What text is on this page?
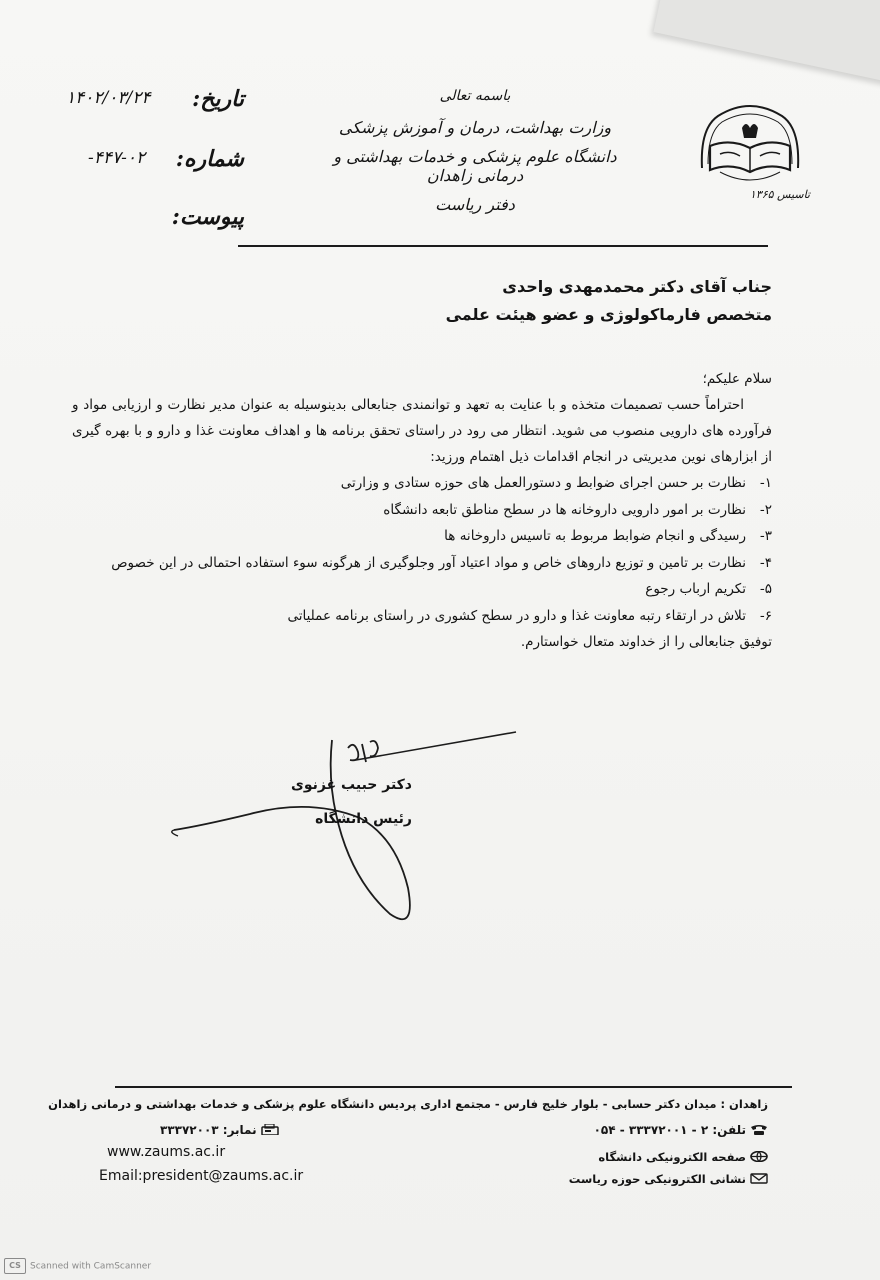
تاسیس ۱۳۶۵
باسمه تعالی
وزارت بهداشت، درمان و آموزش پزشکی
دانشگاه علوم پزشکی و خدمات بهداشتی و درمانی زاهدان
دفتر ریاست
تاریخ:
۱۴۰۲/۰۳/۲۴
شماره:
۴۴۷-۰۲-
پیوست:
جناب آقای دکتر محمدمهدی واحدی
متخصص فارماکولوژی و عضو هیئت علمی

سلام علیکم؛

احتراماً حسب تصمیمات متخذه و با عنایت به تعهد و توانمندی جنابعالی بدینوسیله به عنوان مدیر نظارت و ارزیابی مواد و فرآورده های دارویی منصوب می شوید. انتظار می رود در راستای تحقق برنامه ها و اهداف معاونت غذا و دارو و با بهره گیری از ابزارهای نوین مدیریتی در انجام اقدامات ذیل اهتمام ورزید:

۱-نظارت بر حسن اجرای ضوابط و دستورالعمل های حوزه ستادی و وزارتی
۲-نظارت بر امور دارویی داروخانه ها در سطح مناطق تابعه دانشگاه
۳-رسیدگی و انجام ضوابط مربوط به تاسیس داروخانه ها
۴-نظارت بر تامین و توزیع داروهای خاص و مواد اعتیاد آور وجلوگیری از هرگونه سوء استفاده احتمالی در این خصوص
۵-تکریم ارباب رجوع
۶-تلاش در ارتقاء رتبه معاونت غذا و دارو در سطح کشوری در راستای برنامه عملیاتی

توفیق جنابعالی را از خداوند متعال خواستارم.

دکتر حبیب غزنوی
رئیس دانشگاه
زاهدان : میدان دکتر حسابی - بلوار خلیج فارس - مجتمع اداری پردیس دانشگاه علوم پزشکی و خدمات بهداشتی و درمانی زاهدان
تلفن: ۲ - ۳۳۳۷۲۰۰۱ - ۰۵۴
نمابر: ۳۳۳۷۲۰۰۳
www.zaums.ac.ir
Email:president@zaums.ac.ir
صفحه الکترونیکی دانشگاه
نشانی الکترونیکی حوزه ریاست
CS Scanned with CamScanner
